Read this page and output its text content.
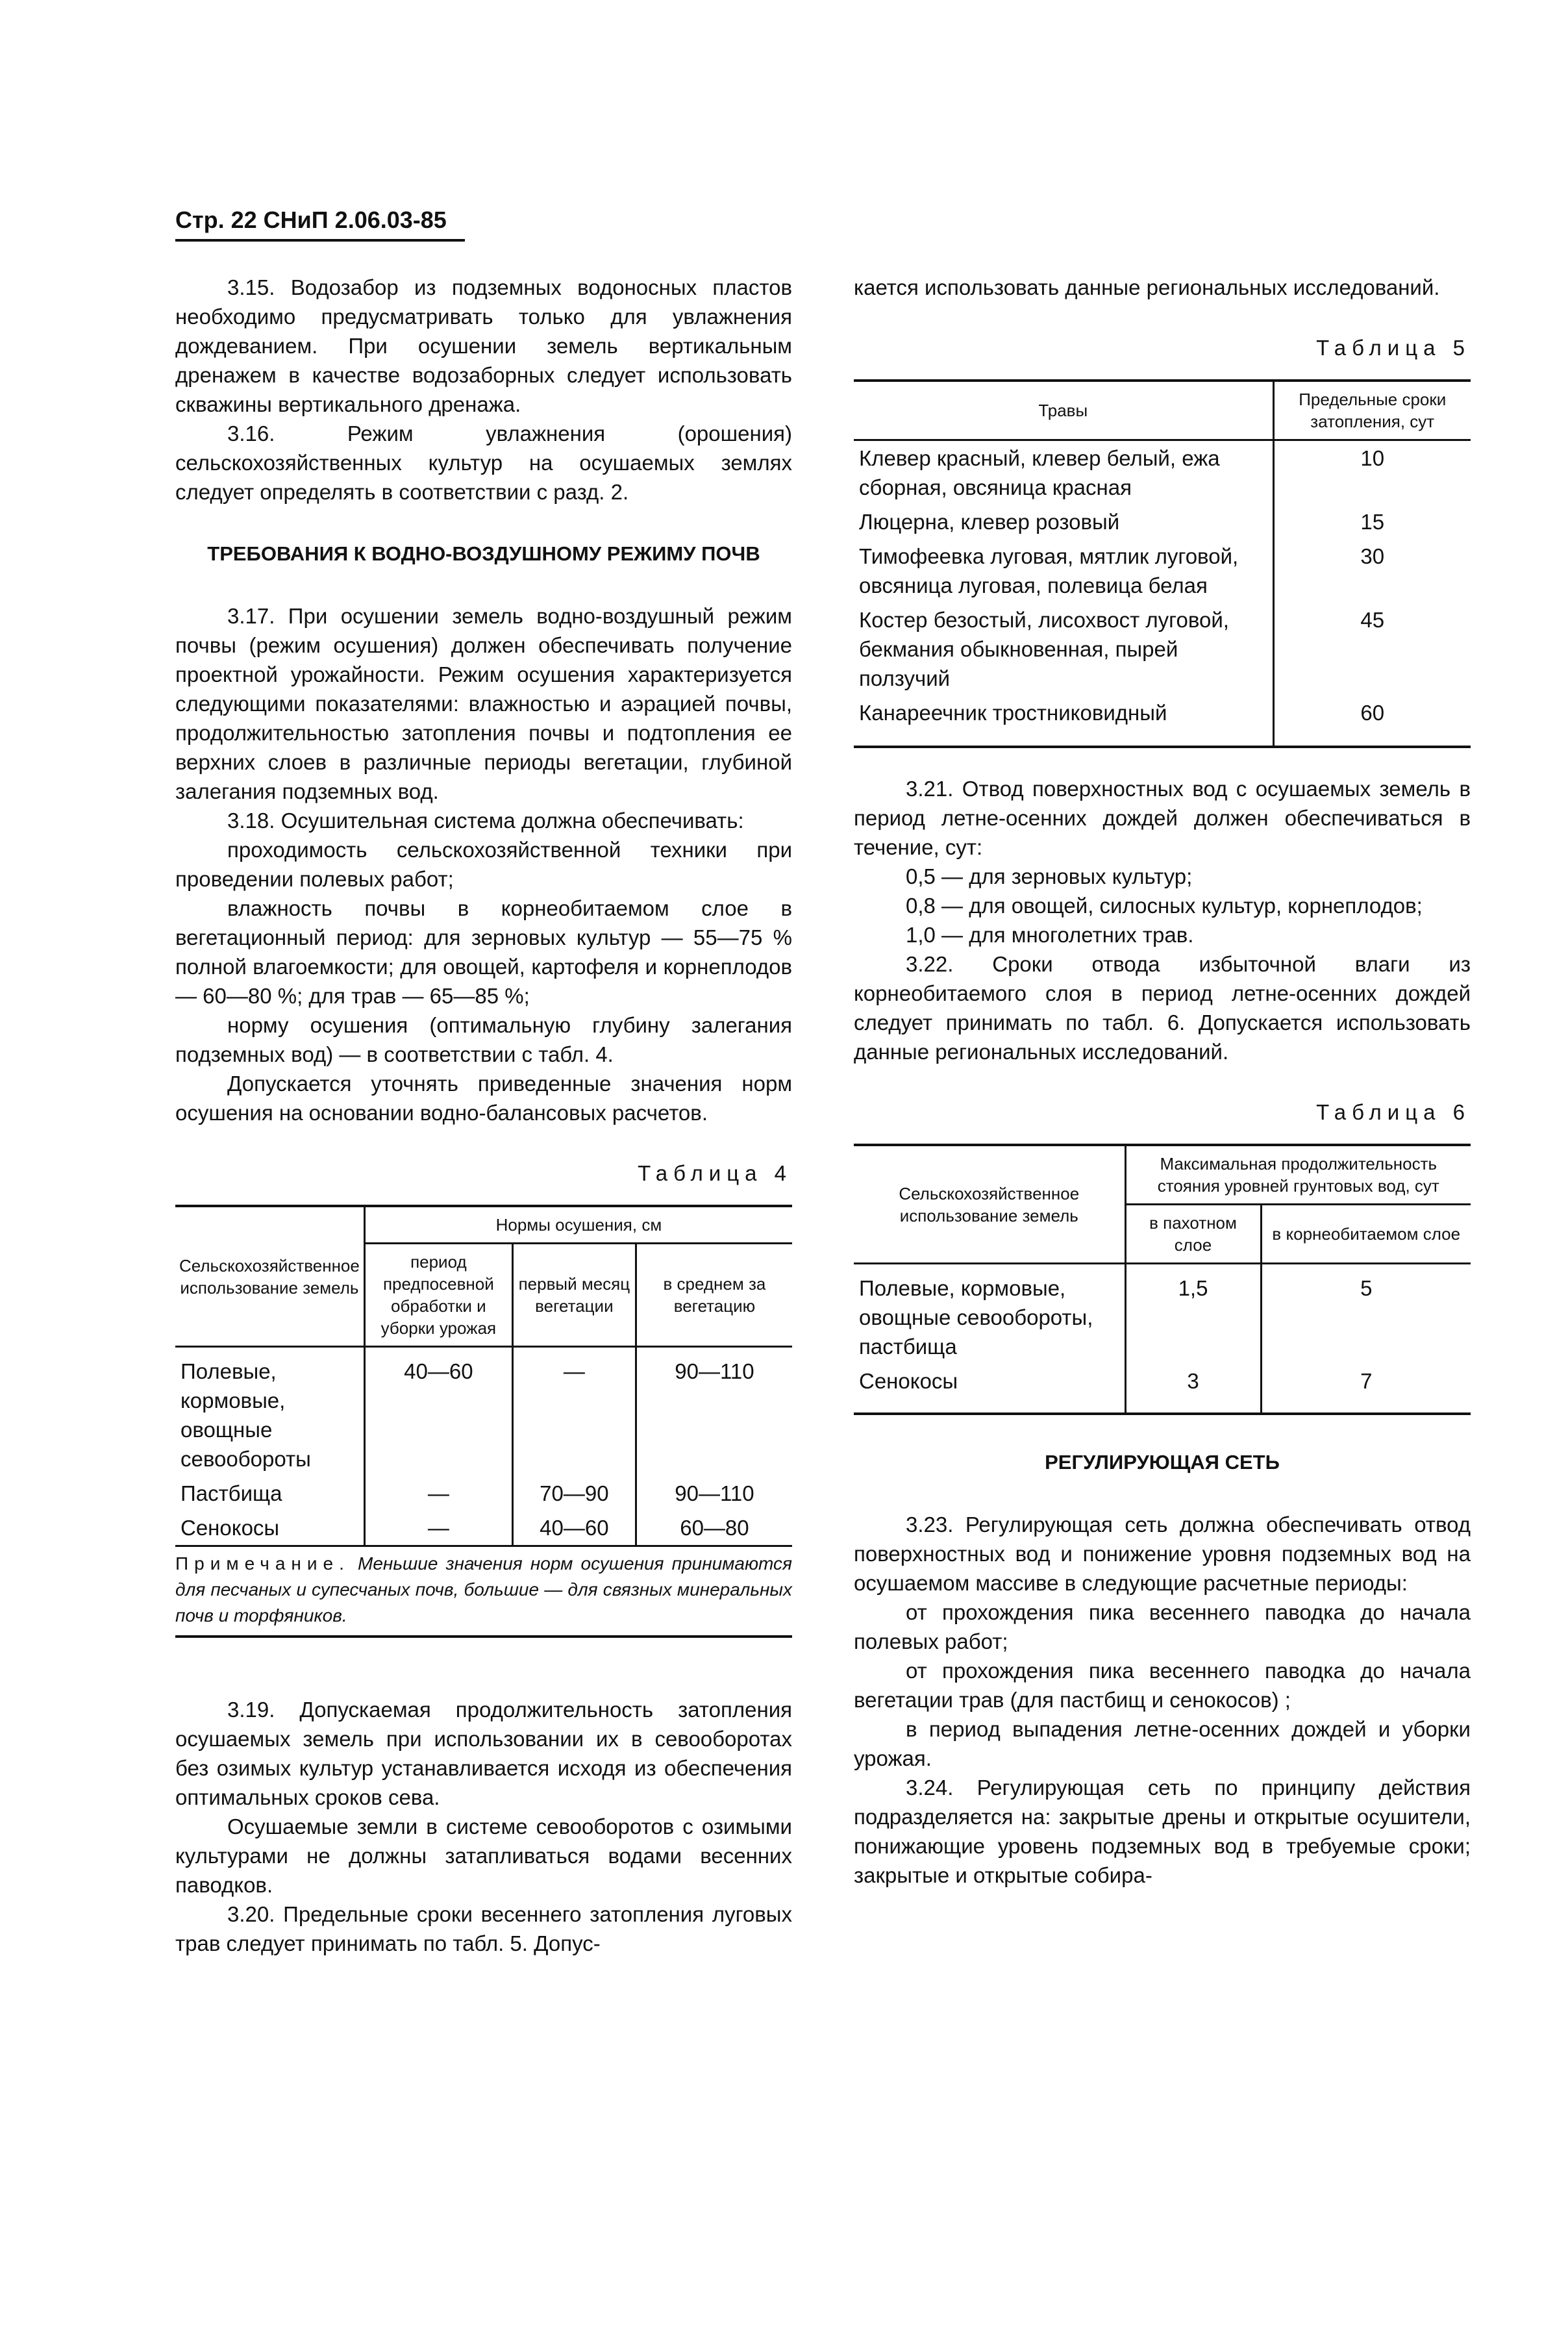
Стр. 22 СНиП 2.06.03-85

3.15. Водозабор из подземных водоносных пластов необходимо предусматривать только для увлажнения дождеванием. При осушении земель вертикальным дренажем в качестве водозаборных следует использовать скважины вертикального дренажа.

3.16. Режим увлажнения (орошения) сельскохозяйственных культур на осушаемых землях следует определять в соответствии с разд. 2.

ТРЕБОВАНИЯ К ВОДНО-ВОЗДУШНОМУ РЕЖИМУ ПОЧВ

3.17. При осушении земель водно-воздушный режим почвы (режим осушения) должен обеспечивать получение проектной урожайности. Режим осушения характеризуется следующими показателями: влажностью и аэрацией почвы, продолжительностью затопления почвы и подтопления ее верхних слоев в различные периоды вегетации, глубиной залегания подземных вод.

3.18. Осушительная система должна обеспечивать:

проходимость сельскохозяйственной техники при проведении полевых работ;

влажность почвы в корнеобитаемом слое в вегетационный период: для зерновых культур — 55—75 % полной влагоемкости; для овощей, картофеля и корнеплодов — 60—80 %; для трав — 65—85 %;

норму осушения (оптимальную глубину залегания подземных вод) — в соответствии с табл. 4.

Допускается уточнять приведенные значения норм осушения на основании водно-балансовых расчетов.

Таблица 4
Сельскохозяйственное использование земель	Нормы осушения, см		
	период предпосевной обработки и уборки урожая	первый месяц вегетации	в среднем за вегетацию

Полевые, кормовые, овощные севообороты	40—60	—	90—110
Пастбища	—	70—90	90—110
Сенокосы	—	40—60	60—80
Примечание. Меньшие значения норм осушения принимаются для песчаных и супесчаных почв, большие — для связных минеральных почв и торфяников.			

3.19. Допускаемая продолжительность затопления осушаемых земель при использовании их в севооборотах без озимых культур устанавливается исходя из обеспечения оптимальных сроков сева.

Осушаемые земли в системе севооборотов с озимыми культурами не должны затапливаться водами весенних паводков.

3.20. Предельные сроки весеннего затопления луговых трав следует принимать по табл. 5. Допус-

кается использовать данные региональных исследований.

Таблица 5
Травы	Предельные сроки затопления, сут
Клевер красный, клевер белый, ежа сборная, овсяница красная	10
Люцерна, клевер розовый	15
Тимофеевка луговая, мятлик луговой, овсяница луговая, полевица белая	30
Костер безостый, лисохвост луговой, бекмания обыкновенная, пырей ползучий	45
Канареечник тростниковидный	60

3.21. Отвод поверхностных вод с осушаемых земель в период летне-осенних дождей должен обеспечиваться в течение, сут:

0,5 — для зерновых культур;

0,8 — для овощей, силосных культур, корнеплодов;

1,0 — для многолетних трав.

3.22. Сроки отвода избыточной влаги из корнеобитаемого слоя в период летне-осенних дождей следует принимать по табл. 6. Допускается использовать данные региональных исследований.

Таблица 6
Сельскохозяйственное использование земель	Максимальная продолжительность стояния уровней грунтовых вод, сут	
	в пахотном слое	в корнеобитаемом слое

Полевые, кормовые, овощные севообороты, пастбища	1,5	5
Сенокосы	3	7

РЕГУЛИРУЮЩАЯ СЕТЬ

3.23. Регулирующая сеть должна обеспечивать отвод поверхностных вод и понижение уровня подземных вод на осушаемом массиве в следующие расчетные периоды:

от прохождения пика весеннего паводка до начала полевых работ;

от прохождения пика весеннего паводка до начала вегетации трав (для пастбищ и сенокосов) ;

в период выпадения летне-осенних дождей и уборки урожая.

3.24. Регулирующая сеть по принципу действия подразделяется на: закрытые дрены и открытые осушители, понижающие уровень подземных вод в требуемые сроки; закрытые и открытые собира-
